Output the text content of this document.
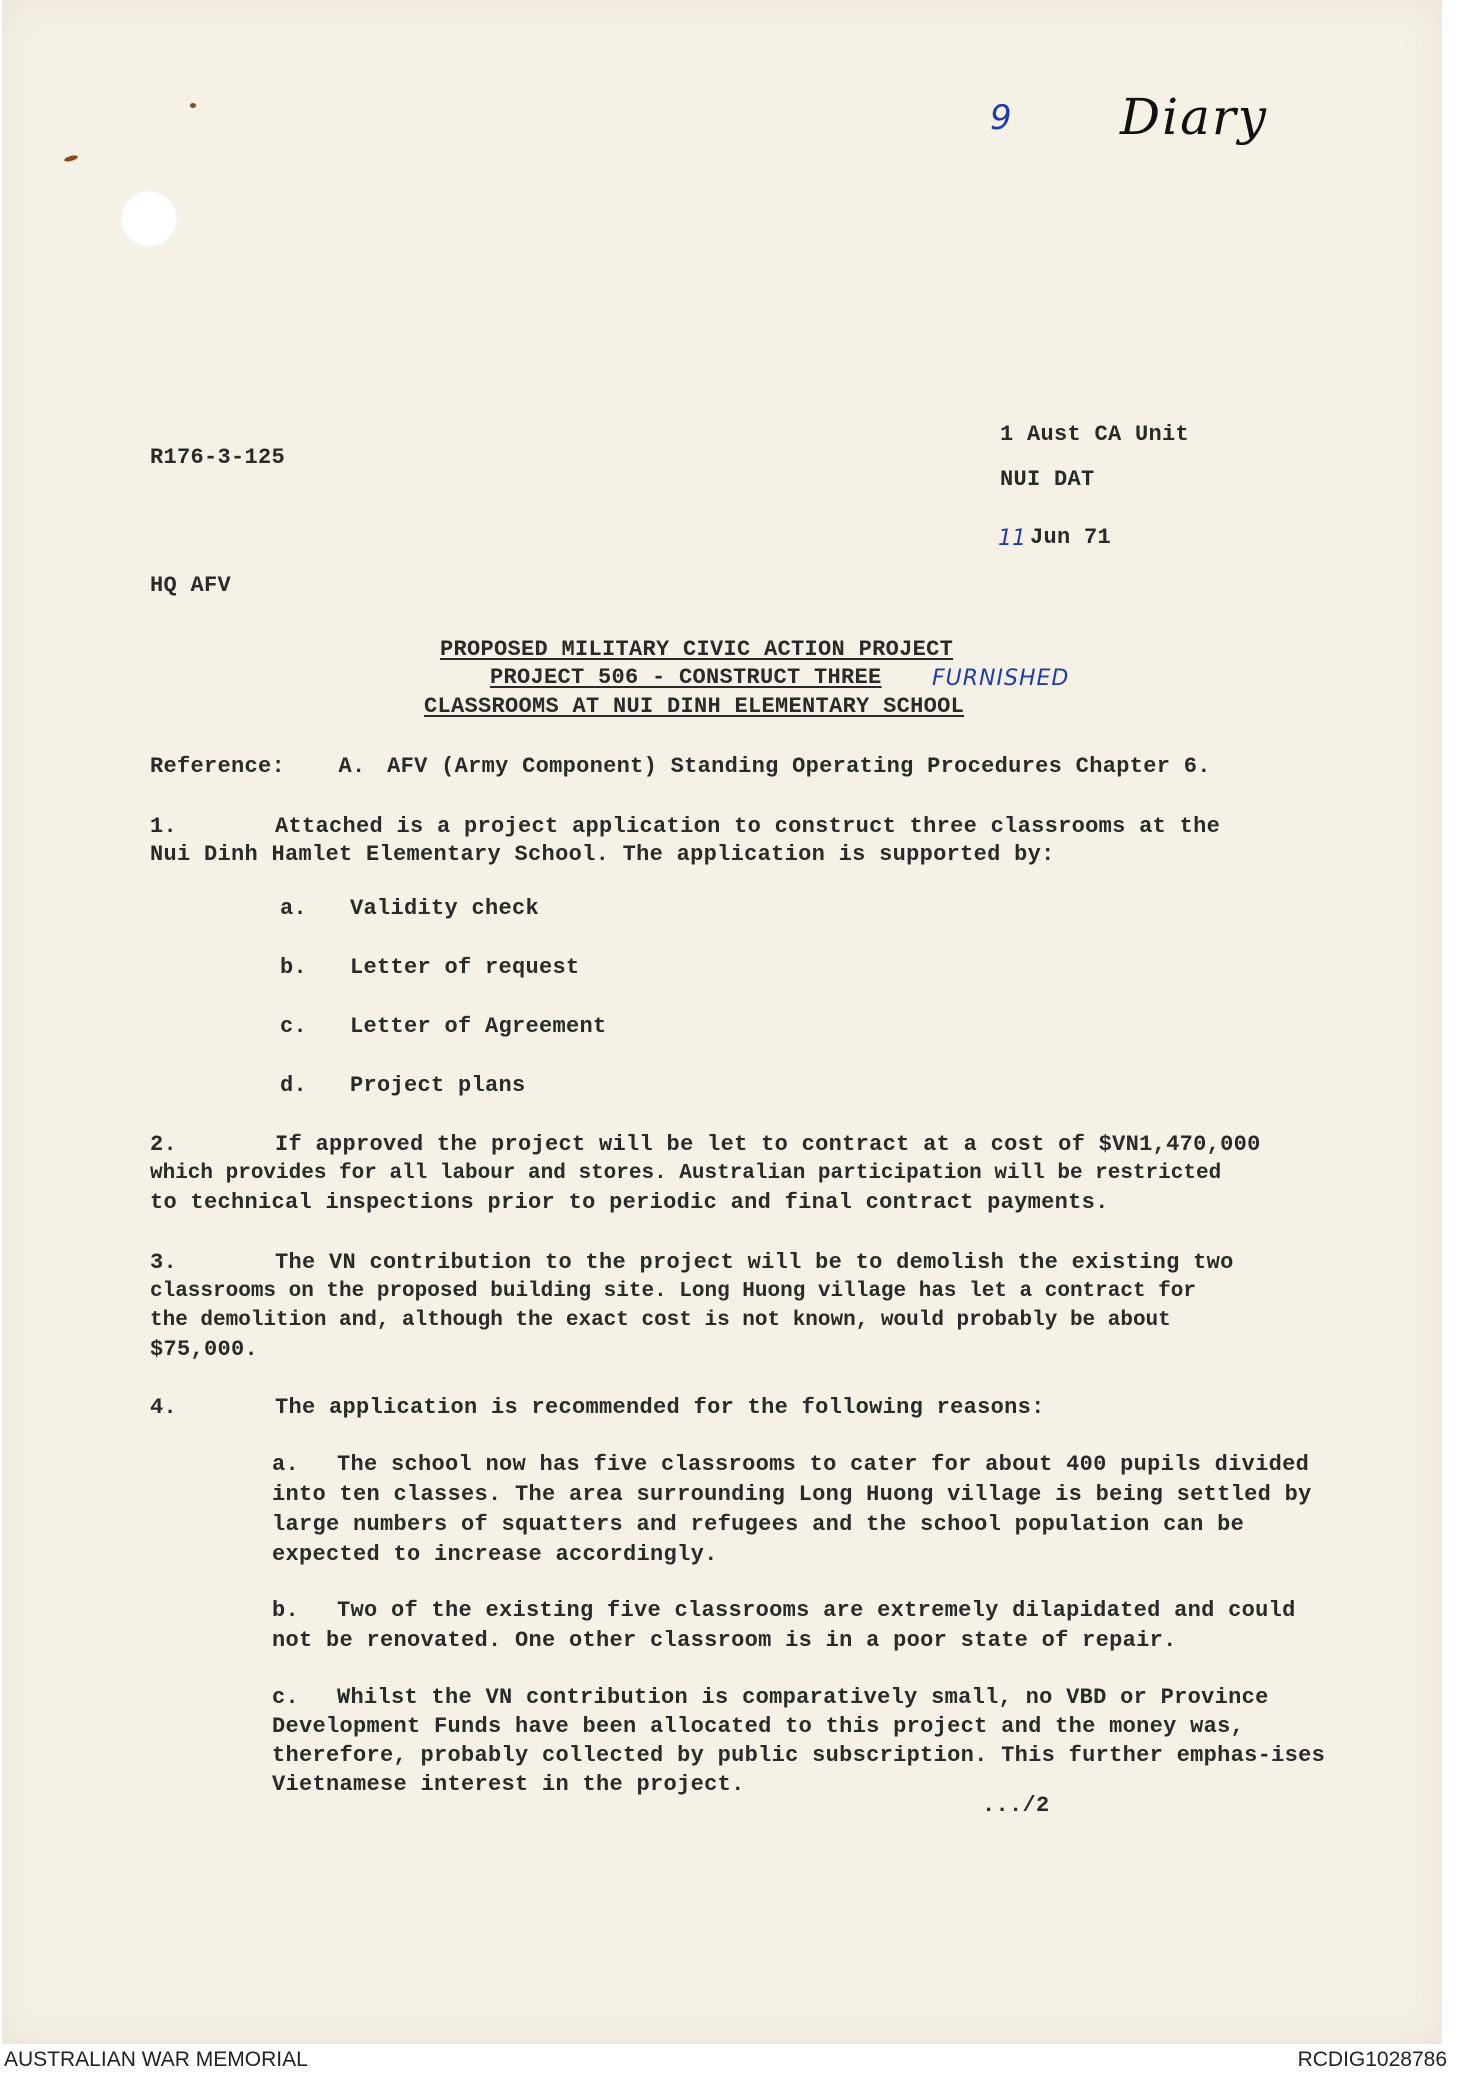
9 Diary
FURNISHED
11
R176-3-125
1 Aust CA Unit
NUI DAT
Jun 71
HQ AFV
PROPOSED MILITARY CIVIC ACTION PROJECT
PROJECT 506 - CONSTRUCT THREE
CLASSROOMS AT NUI DINH ELEMENTARY SCHOOL
Reference: A. AFV (Army Component) Standing Operating Procedures Chapter 6.
1.	Attached is a project application to construct three classrooms at the
Nui Dinh Hamlet Elementary School. The application is supported by:
a. Validity check
b. Letter of request
c. Letter of Agreement
d. Project plans
2.	If approved the project will be let to contract at a cost of $VN1,470,000
which provides for all labour and stores. Australian participation will be restricted
to technical inspections prior to periodic and final contract payments.
3.	The VN contribution to the project will be to demolish the existing two
classrooms on the proposed building site. Long Huong village has let a contract for
the demolition and, although the exact cost is not known, would probably be about
$75,000.
4.	The application is recommended for the following reasons:
a.	The school now has five classrooms to cater for about 400 pupils divided into ten classes. The area surrounding Long Huong village is being settled by large numbers of squatters and refugees and the school population can be expected to increase accordingly.
b.	Two of the existing five classrooms are extremely dilapidated and could not be renovated. One other classroom is in a poor state of repair.
c.	Whilst the VN contribution is comparatively small, no VBD or Province Development Funds have been allocated to this project and the money was, therefore, probably collected by public subscription. This further emphas-ises Vietnamese interest in the project.
.../2
AUSTRALIAN WAR MEMORIAL	RCDIG1028786
